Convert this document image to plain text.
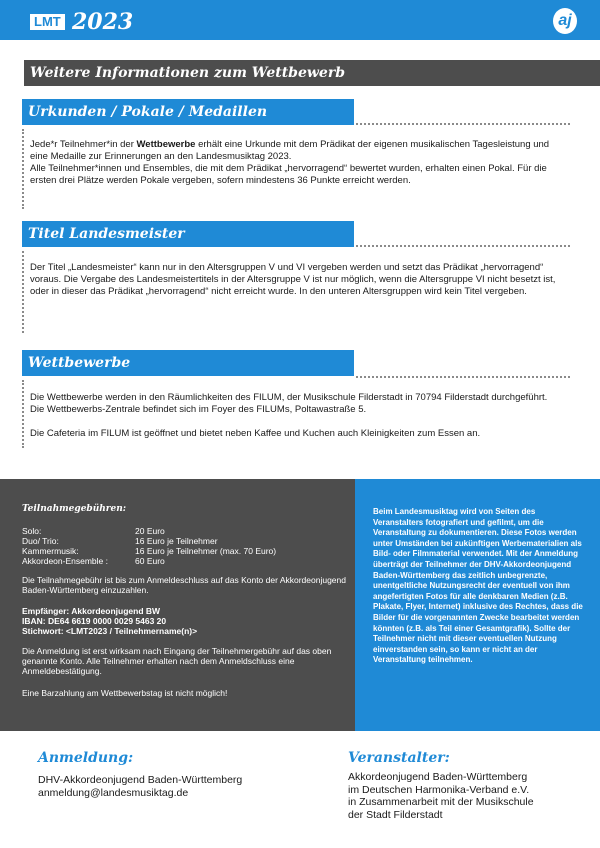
LMT 2023	aj
Weitere Informationen zum Wettbewerb
Urkunden / Pokale / Medaillen

Jede*r Teilnehmer*in der Wettbewerbe erhält eine Urkunde mit dem Prädikat der eigenen musikalischen Tagesleistung und eine Medaille zur Erinnerungen an den Landesmusiktag 2023.

Alle Teilnehmer*innen und Ensembles, die mit dem Prädikat „hervorragend“ bewertet wurden, erhalten einen Pokal. Für die ersten drei Plätze werden Pokale vergeben, sofern mindestens 36 Punkte erreicht werden.

Titel Landesmeister

Der Titel „Landesmeister“ kann nur in den Altersgruppen V und VI vergeben werden und setzt das Prädikat „hervorragend“ voraus. Die Vergabe des Landesmeistertitels in der Altersgruppe V ist nur möglich, wenn die Altersgruppe VI nicht besetzt ist, oder in dieser das Prädikat „hervorragend“ nicht erreicht wurde. In den unteren Altersgruppen wird kein Titel vergeben.

Wettbewerbe

Die Wettbewerbe werden in den Räumlichkeiten des FILUM, der Musikschule Filderstadt in 70794 Filderstadt durchgeführt. Die Wettbewerbs-Zentrale befindet sich im Foyer des FILUMs, Poltawastraße 5.

Die Cafeteria im FILUM ist geöffnet und bietet neben Kaffee und Kuchen auch Kleinigkeiten zum Essen an.

Teilnahmegebühren:
Solo:	20 Euro
Duo/ Trio:	16 Euro je Teilnehmer
Kammermusik:	16 Euro je Teilnehmer (max. 70 Euro)
Akkordeon-Ensemble :	60 Euro

Die Teilnahmegebühr ist bis zum Anmeldeschluss auf das Konto der Akkordeonjugend Baden-Württemberg einzuzahlen.

Empfänger: Akkordeonjugend BW

IBAN: DE64 6619 0000 0029 5463 20

Stichwort: <LMT2023 / Teilnehmername(n)>

Die Anmeldung ist erst wirksam nach Eingang der Teilnehmergebühr auf das oben genannte Konto. Alle Teilnehmer erhalten nach dem Anmeldschluss eine Anmeldebestätigung.

Eine Barzahlung am Wettbewerbstag ist nicht möglich!

Beim Landesmusiktag wird von Seiten des Veranstalters fotografiert und gefilmt, um die Veranstaltung zu dokumentieren. Diese Fotos werden unter Umständen bei zukünftigen Werbematerialien als Bild- oder Filmmaterial verwendet. Mit der Anmeldung überträgt der Teilnehmer der DHV-Akkordeonjugend Baden-Württemberg das zeitlich unbegrenzte, unentgeltliche Nutzungsrecht der eventuell von ihm angefertigten Fotos für alle denkbaren Medien (z.B. Plakate, Flyer, Internet) inklusive des Rechtes, dass die Bilder für die vorgenannten Zwecke bearbeitet werden könnten (z.B. als Teil einer Gesamtgrafik). Sollte der Teilnehmer nicht mit dieser eventuellen Nutzung einverstanden sein, so kann er nicht an der Veranstaltung teilnehmen.
Anmeldung:
DHV-Akkordeonjugend Baden-Württemberg
anmeldung@landesmusiktag.de
Veranstalter:
Akkordeonjugend Baden-Württemberg
im Deutschen Harmonika-Verband e.V.
in Zusammenarbeit mit der Musikschule
der Stadt Filderstadt
